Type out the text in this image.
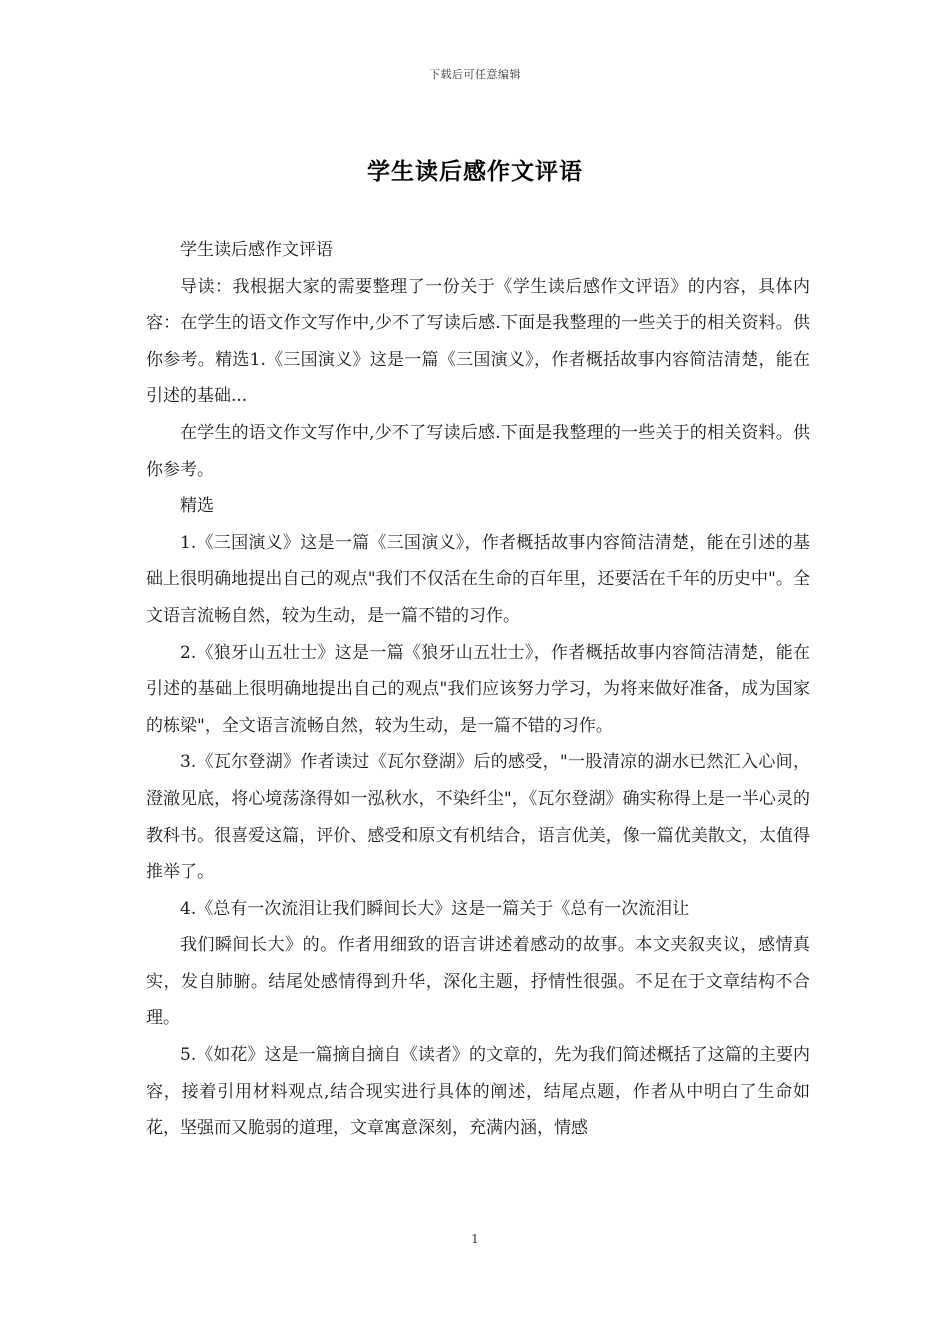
下载后可任意编辑
学生读后感作文评语

学生读后感作文评语

导读：我根据大家的需要整理了一份关于《学生读后感作文评语》的内容，具体内容：在学生的语文作文写作中,少不了写读后感.下面是我整理的一些关于的相关资料。供你参考。精选1.《三国演义》这是一篇《三国演义》，作者概括故事内容简洁清楚，能在引述的基础...

在学生的语文作文写作中,少不了写读后感.下面是我整理的一些关于的相关资料。供你参考。

精选

1.《三国演义》这是一篇《三国演义》，作者概括故事内容简洁清楚，能在引述的基础上很明确地提出自己的观点"我们不仅活在生命的百年里，还要活在千年的历史中"。全文语言流畅自然，较为生动，是一篇不错的习作。

2.《狼牙山五壮士》这是一篇《狼牙山五壮士》，作者概括故事内容简洁清楚，能在引述的基础上很明确地提出自己的观点"我们应该努力学习，为将来做好准备，成为国家的栋梁"，全文语言流畅自然，较为生动，是一篇不错的习作。

3.《瓦尔登湖》作者读过《瓦尔登湖》后的感受，"一股清凉的湖水已然汇入心间，澄澈见底，将心境荡涤得如一泓秋水，不染纤尘"，《瓦尔登湖》确实称得上是一半心灵的教科书。很喜爱这篇，评价、感受和原文有机结合，语言优美，像一篇优美散文，太值得推举了。

4.《总有一次流泪让我们瞬间长大》这是一篇关于《总有一次流泪让

我们瞬间长大》的。作者用细致的语言讲述着感动的故事。本文夹叙夹议，感情真实，发自肺腑。结尾处感情得到升华，深化主题，抒情性很强。不足在于文章结构不合理。

5.《如花》这是一篇摘自摘自《读者》的文章的，先为我们简述概括了这篇的主要内容，接着引用材料观点,结合现实进行具体的阐述，结尾点题，作者从中明白了生命如花，坚强而又脆弱的道理，文章寓意深刻，充满内涵，情感

1
